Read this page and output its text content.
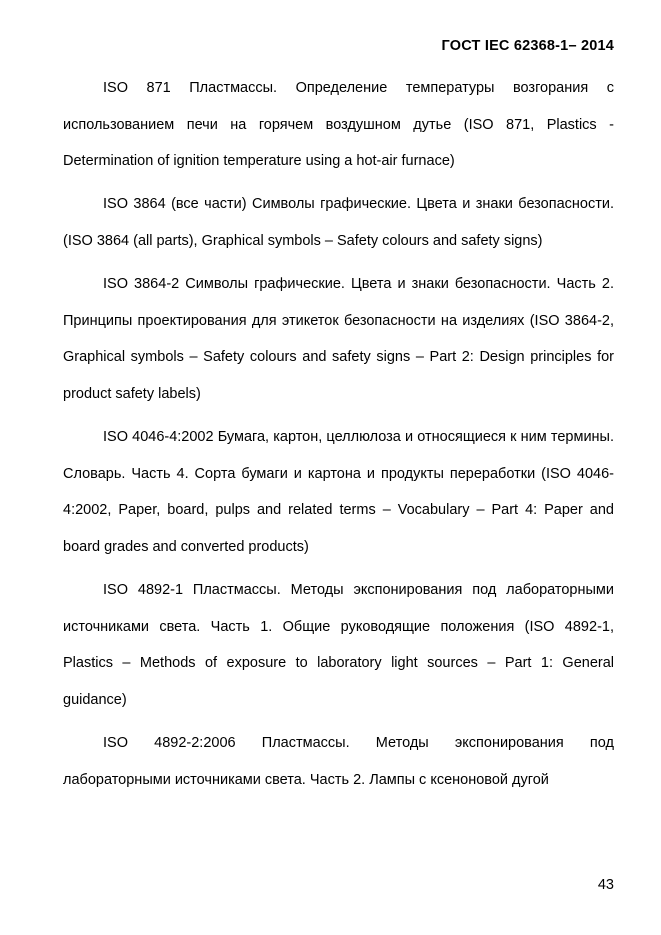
ГОСТ IEC 62368-1– 2014

ISO 871 Пластмассы. Определение температуры возгорания с использованием печи на горячем воздушном дутье (ISO 871, Plastics - Determination of ignition temperature using a hot-air furnace)

ISO 3864 (все части) Символы графические. Цвета и знаки безопасности. (ISO 3864 (all parts), Graphical symbols – Safety colours and safety signs)

ISO 3864-2 Символы графические. Цвета и знаки безопасности. Часть 2. Принципы проектирования для этикеток безопасности на изделиях (ISO 3864-2, Graphical symbols – Safety colours and safety signs – Part 2: Design principles for product safety labels)

ISO 4046-4:2002 Бумага, картон, целлюлоза и относящиеся к ним термины. Словарь. Часть 4. Сорта бумаги и картона и продукты переработки (ISO 4046-4:2002, Paper, board, pulps and related terms – Vocabulary – Part 4: Paper and board grades and converted products)

ISO 4892-1 Пластмассы. Методы экспонирования под лабораторными источниками света. Часть 1. Общие руководящие положения (ISO 4892-1, Plastics – Methods of exposure to laboratory light sources – Part 1: General guidance)

ISO 4892-2:2006 Пластмассы. Методы экспонирования под лабораторными источниками света. Часть 2. Лампы с ксеноновой дугой

43
